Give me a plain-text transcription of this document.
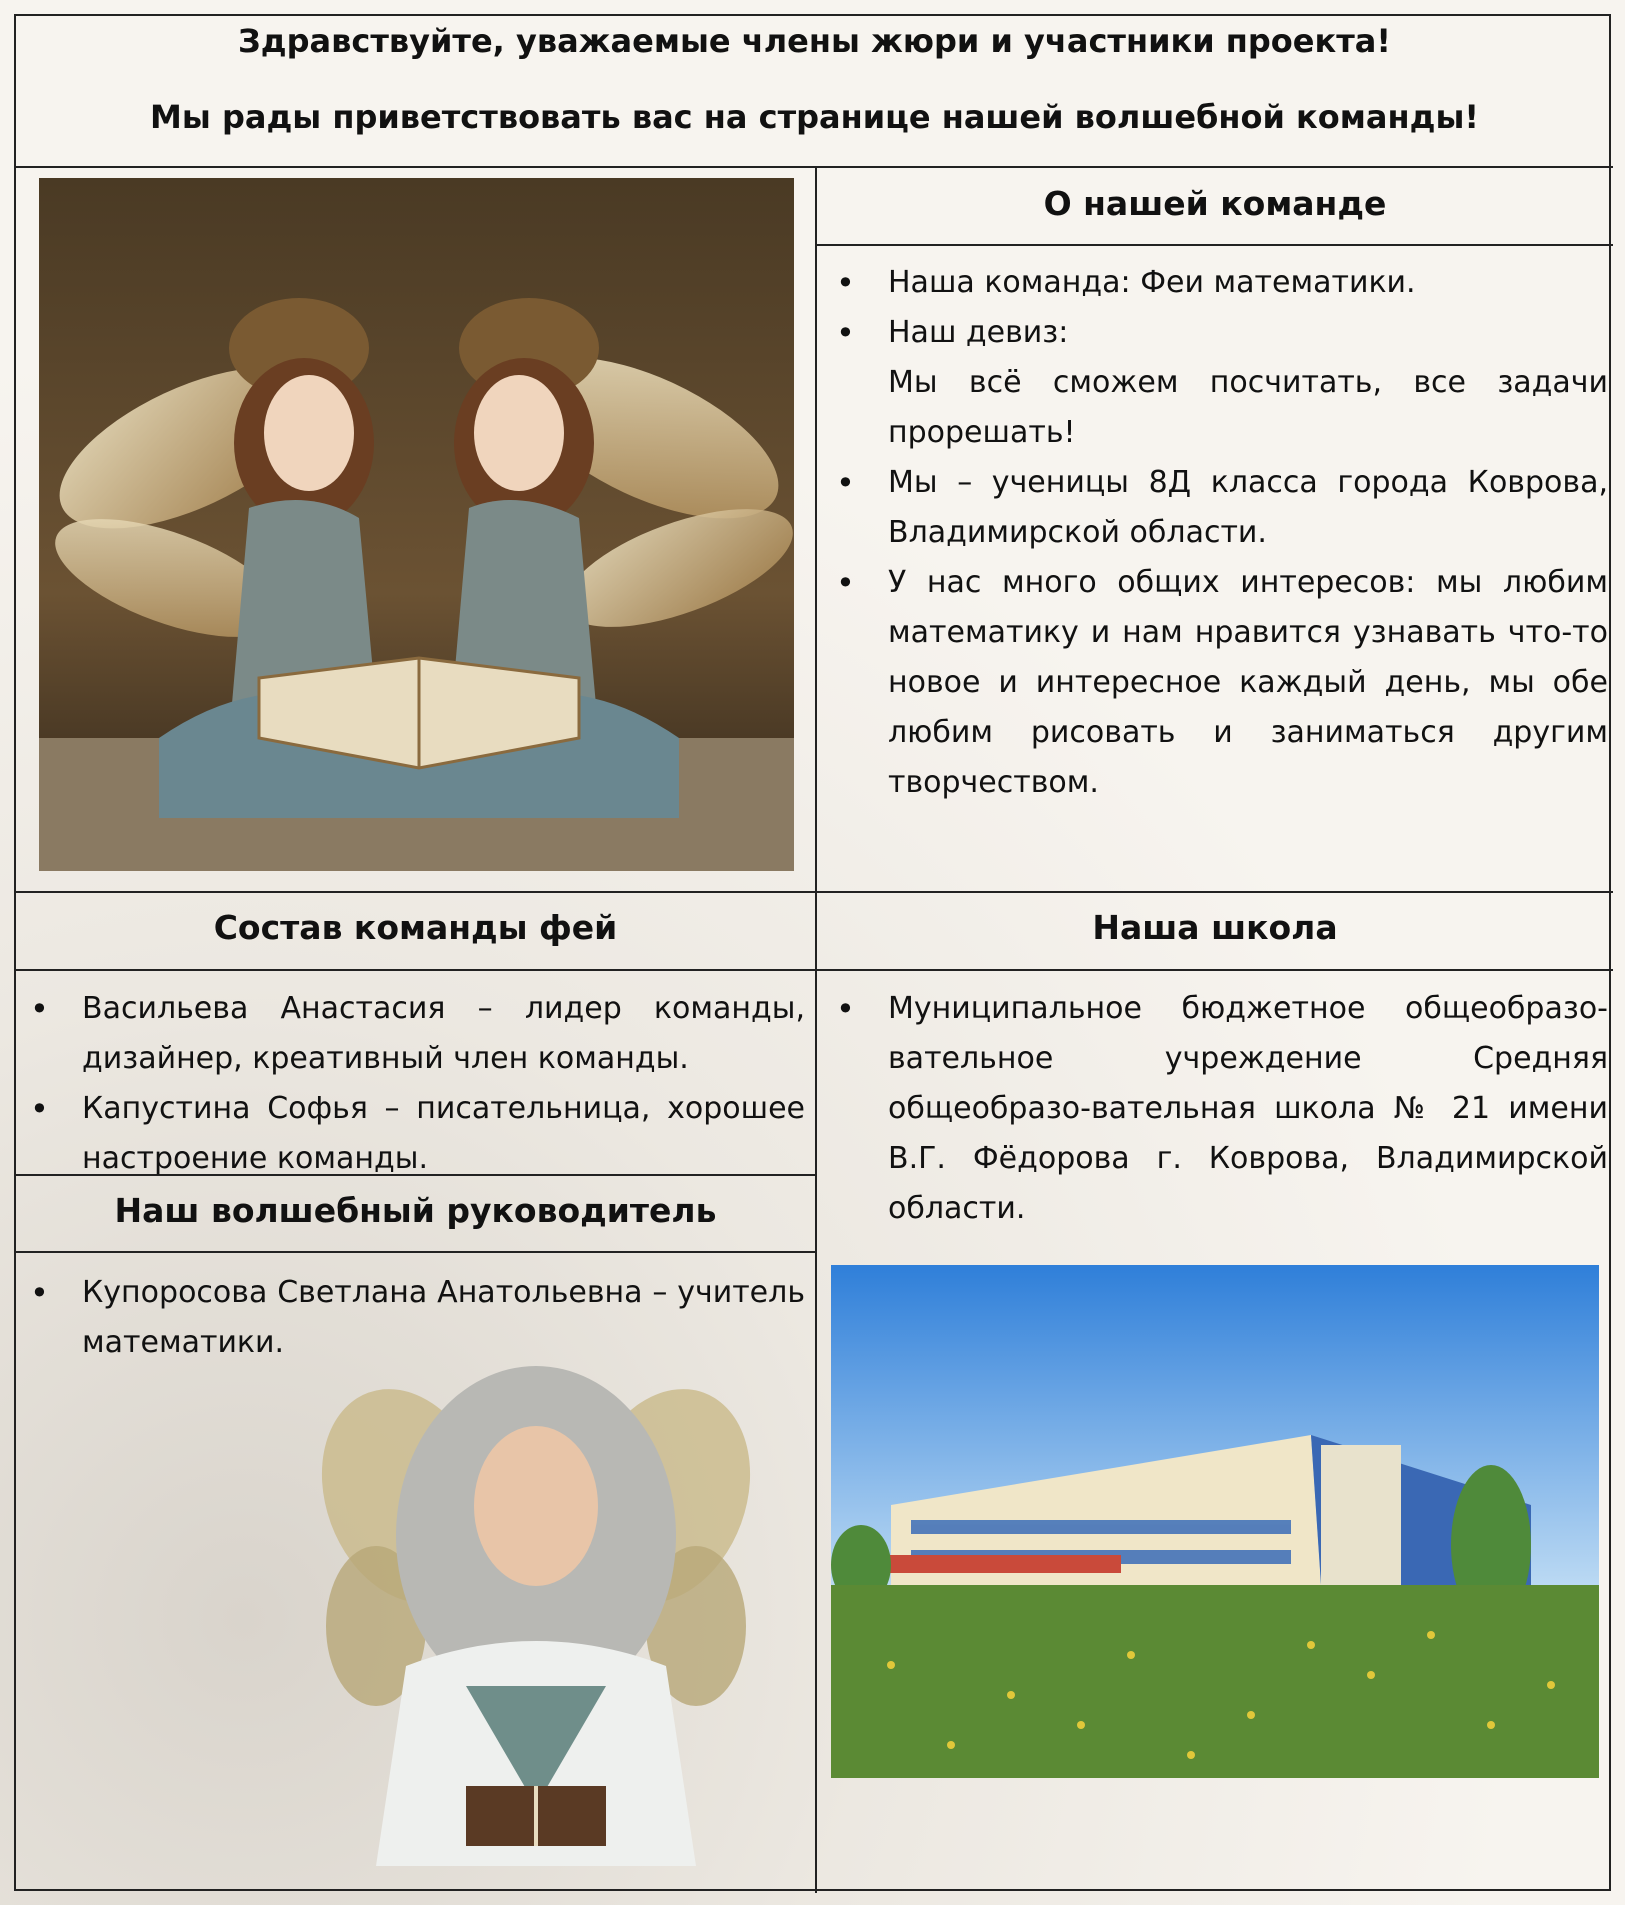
Здравствуйте, уважаемые члены жюри и участники проекта!
Мы рады приветствовать вас на странице нашей волшебной команды!
О нашей команде
• Наша команда: Феи математики.
• Наш девиз:
Мы всё сможем посчитать, все задачи прорешать!
• Мы – ученицы 8Д класса города Коврова, Владимирской области.
• У нас много общих интересов: мы любим математику и нам нравится узнавать что-то новое и интересное каждый день, мы обе любим рисовать и заниматься другим творчеством.
Состав команды фей
• Васильева Анастасия – лидер команды, дизайнер, креативный член команды.
• Капустина Софья – писательница, хорошее настроение команды.
Наш волшебный руководитель
• Купоросова Светлана Анатольевна – учитель математики.
Наша школа
• Муниципальное бюджетное общеобразо-вательное учреждение Средняя общеобразо-вательная школа № 21 имени В.Г. Фёдорова г. Коврова, Владимирской области.
